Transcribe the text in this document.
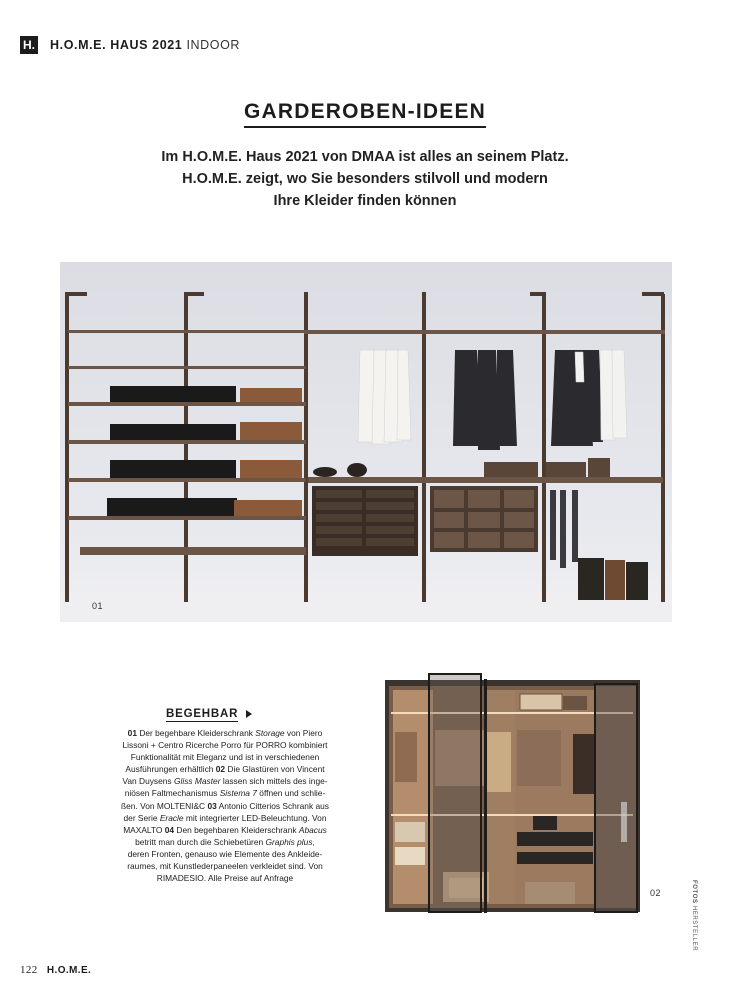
H. H.O.M.E. HAUS 2021 INDOOR
GARDEROBEN-IDEEN
Im H.O.M.E. Haus 2021 von DMAA ist alles an seinem Platz.
H.O.M.E. zeigt, wo Sie besonders stilvoll und modern
Ihre Kleider finden können
01
BEGEHBAR
01 Der begehbare Kleiderschrank Storage von Piero
Lissoni + Centro Ricerche Porro für PORRO kombiniert
Funktionalität mit Eleganz und ist in verschiedenen
Ausführungen erhältlich 02 Die Glastüren von Vincent
Van Duysens Gliss Master lassen sich mittels des inge-
niösen Faltmechanismus Sistema 7 öffnen und schlie-
ßen. Von MOLTENI&C 03 Antonio Citterios Schrank aus
der Serie Eracle mit integrierter LED-Beleuchtung. Von
MAXALTO 04 Den begehbaren Kleiderschrank Abacus
betritt man durch die Schiebetüren Graphis plus,
deren Fronten, genauso wie Elemente des Ankleide-
raumes, mit Kunstlederpaneelen verkleidet sind. Von
RIMADESIO. Alle Preise auf Anfrage
02	FOTOS HERSTELLER
122 H.O.M.E.
